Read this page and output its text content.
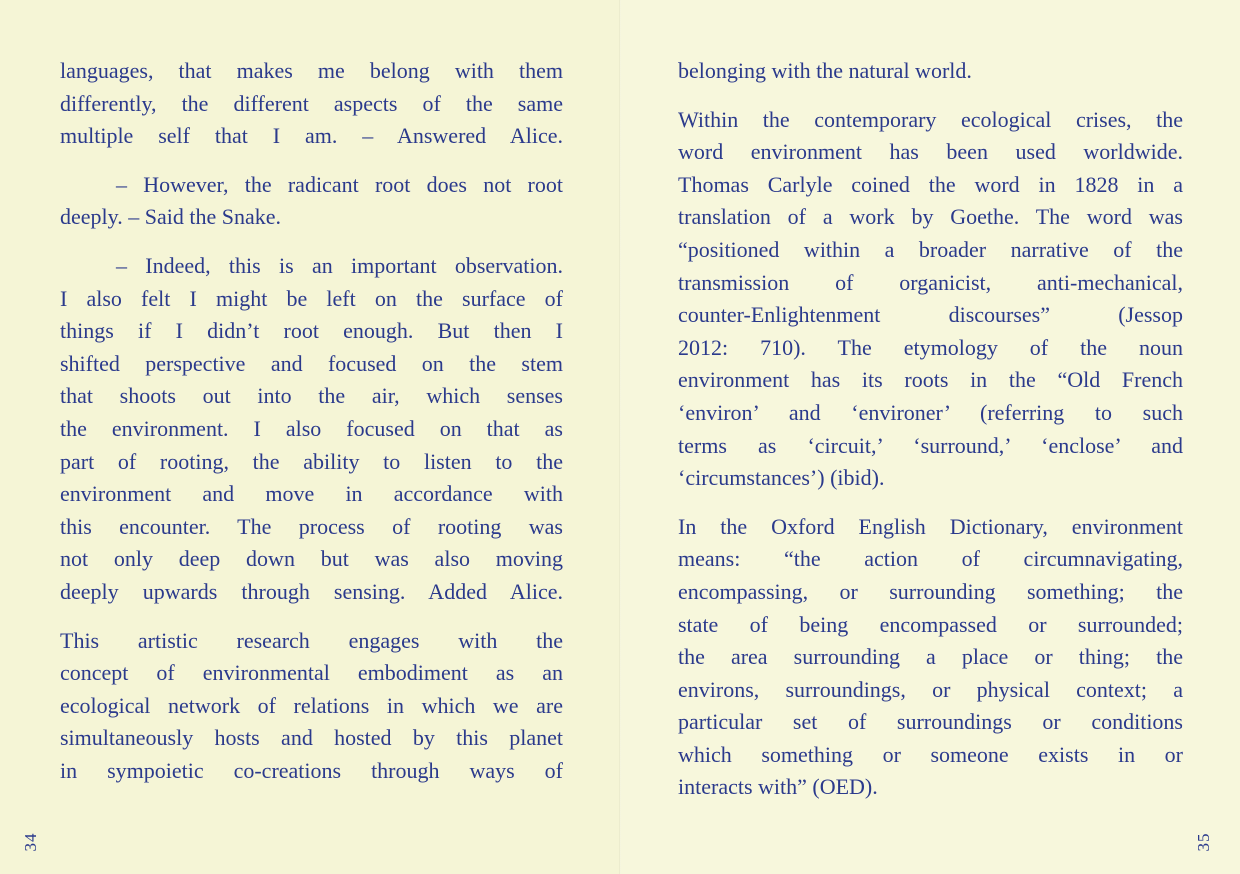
languages, that makes me belong with them
differently, the different aspects of the same
multiple self that I am. – Answered Alice.
– However, the radicant root does not root
deeply. – Said the Snake.
– Indeed, this is an important observation.
I also felt I might be left on the surface of
things if I didn’t root enough. But then I
shifted perspective and focused on the stem
that shoots out into the air, which senses
the environment. I also focused on that as
part of rooting, the ability to listen to the
environment and move in accordance with
this encounter. The process of rooting was
not only deep down but was also moving
deeply upwards through sensing. Added Alice.
This artistic research engages with the
concept of environmental embodiment as an
ecological network of relations in which we are
simultaneously hosts and hosted by this planet
in sympoietic co-creations through ways of
34
belonging with the natural world.
Within the contemporary ecological crises, the
word environment has been used worldwide.
Thomas Carlyle coined the word in 1828 in a
translation of a work by Goethe. The word was
“positioned within a broader narrative of the
transmission of organicist, anti-mechanical,
counter-Enlightenment discourses” (Jessop
2012: 710). The etymology of the noun
environment has its roots in the “Old French
‘environ’ and ‘environer’ (referring to such
terms as ‘circuit,’ ‘surround,’ ‘enclose’ and
‘circumstances’) (ibid).
In the Oxford English Dictionary, environment
means: “the action of circumnavigating,
encompassing, or surrounding something; the
state of being encompassed or surrounded;
the area surrounding a place or thing; the
environs, surroundings, or physical context; a
particular set of surroundings or conditions
which something or someone exists in or
interacts with” (OED).
35
